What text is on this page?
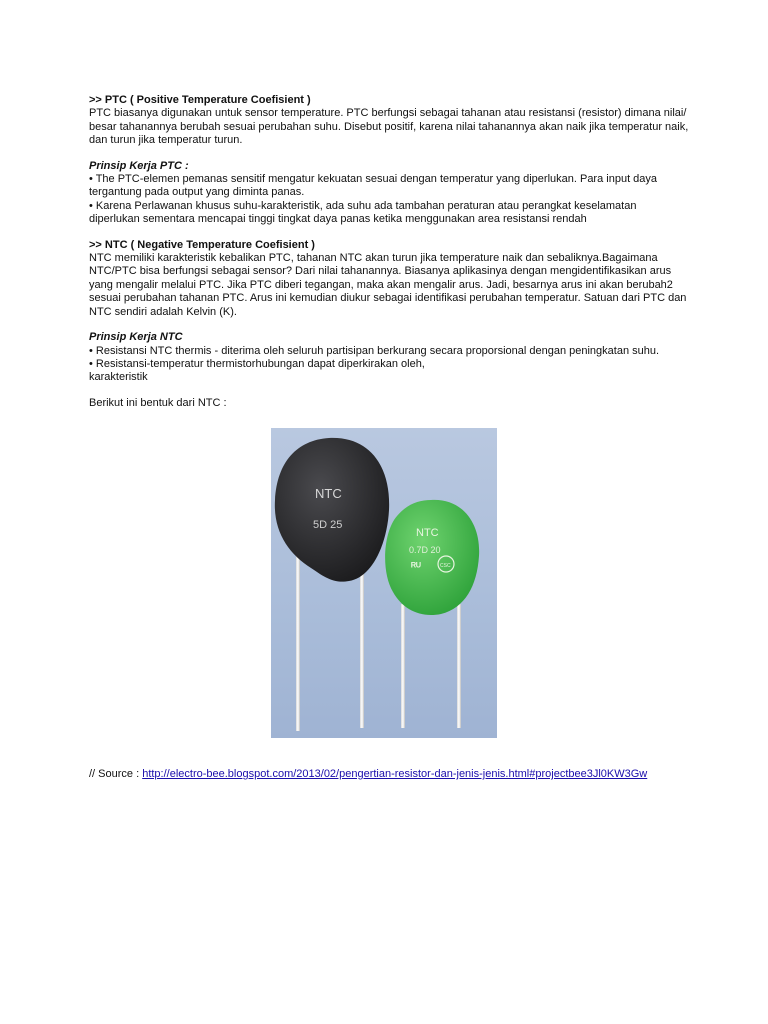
>> PTC ( Positive Temperature Coefisient )

PTC biasanya digunakan untuk sensor temperature. PTC berfungsi sebagai tahanan atau resistansi (resistor) dimana nilai/ besar tahanannya berubah sesuai perubahan suhu. Disebut positif, karena nilai tahanannya akan naik jika temperatur naik, dan turun jika temperatur turun.

Prinsip Kerja PTC :

• The PTC-elemen pemanas sensitif mengatur kekuatan sesuai dengan temperatur yang diperlukan. Para input daya tergantung pada output yang diminta panas.

• Karena Perlawanan khusus suhu-karakteristik, ada suhu ada tambahan peraturan atau perangkat keselamatan diperlukan sementara mencapai tinggi tingkat daya panas ketika menggunakan area resistansi rendah

>> NTC ( Negative Temperature Coefisient )

NTC memiliki karakteristik kebalikan PTC, tahanan NTC akan turun jika temperature naik dan sebaliknya.Bagaimana NTC/PTC bisa berfungsi sebagai sensor? Dari nilai tahanannya. Biasanya aplikasinya dengan mengidentifikasikan arus yang mengalir melalui PTC. Jika PTC diberi tegangan, maka akan mengalir arus. Jadi, besarnya arus ini akan berubah2 sesuai perubahan tahanan PTC. Arus ini kemudian diukur sebagai identifikasi perubahan temperatur. Satuan dari PTC dan NTC sendiri adalah Kelvin (K).

Prinsip Kerja NTC

• Resistansi NTC thermis - diterima oleh seluruh partisipan berkurang secara proporsional dengan peningkatan suhu.

• Resistansi-temperatur thermistorhubungan dapat diperkirakan oleh,

karakteristik

Berikut ini bentuk dari NTC :

NTC
5D 25
NTC
0.7D 20
ᴿᵁ	CSC
// Source : http://electro-bee.blogspot.com/2013/02/pengertian-resistor-dan-jenis-jenis.html#projectbee3Jl0KW3Gw
